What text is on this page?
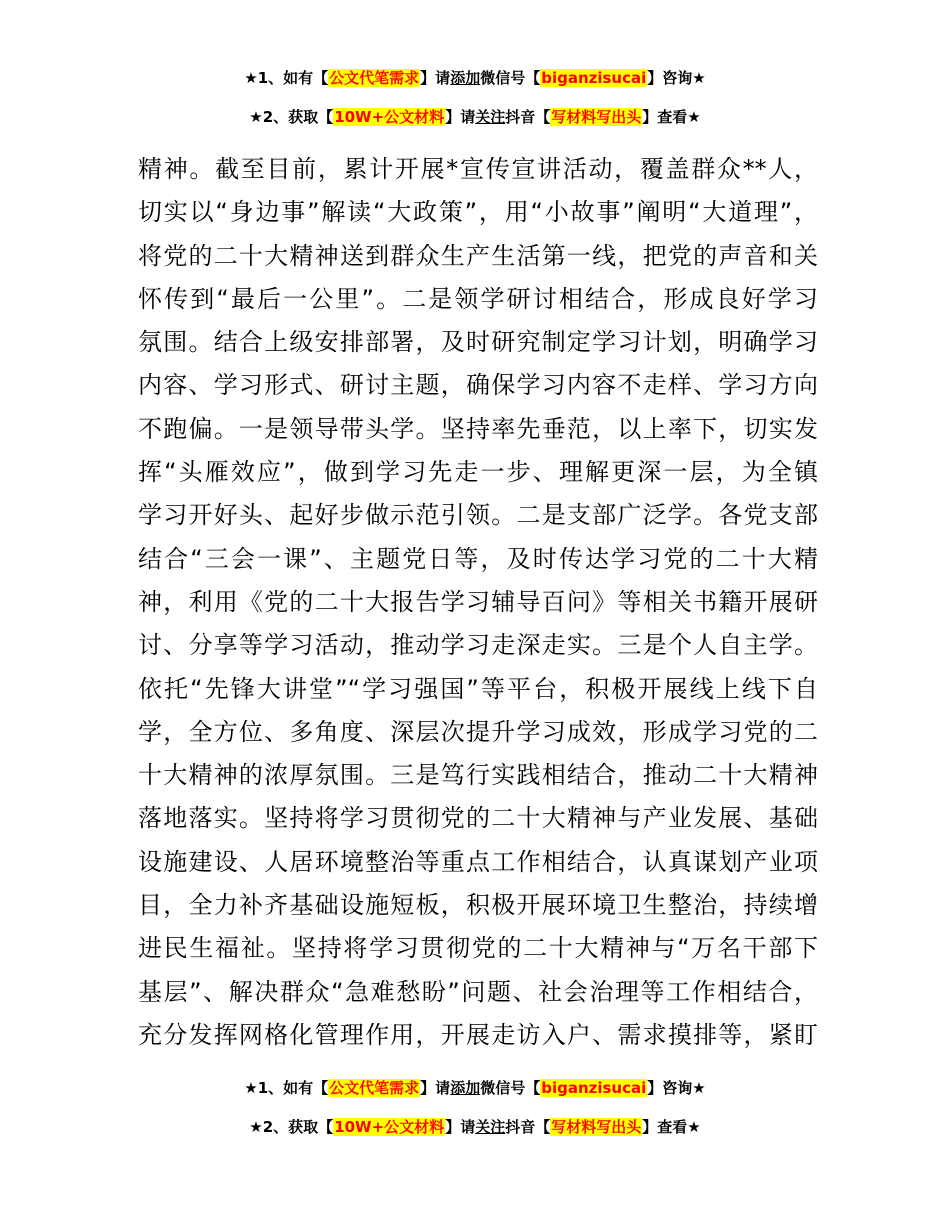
★1、如有【公文代笔需求】请添加微信号【biganzisucai】咨询★
★2、获取【10W+公文材料】请关注抖音【写材料写出头】查看★
精神。截至目前，累计开展*宣传宣讲活动，覆盖群众**人，
切实以“身边事”解读“大政策”，用“小故事”阐明“大道理”，
将党的二十大精神送到群众生产生活第一线，把党的声音和关
怀传到“最后一公里”。二是领学研讨相结合，形成良好学习
氛围。结合上级安排部署，及时研究制定学习计划，明确学习
内容、学习形式、研讨主题，确保学习内容不走样、学习方向
不跑偏。一是领导带头学。坚持率先垂范，以上率下，切实发
挥“头雁效应”，做到学习先走一步、理解更深一层，为全镇
学习开好头、起好步做示范引领。二是支部广泛学。各党支部
结合“三会一课”、主题党日等，及时传达学习党的二十大精
神，利用《党的二十大报告学习辅导百问》等相关书籍开展研
讨、分享等学习活动，推动学习走深走实。三是个人自主学。
依托“先锋大讲堂”“学习强国”等平台，积极开展线上线下自
学，全方位、多角度、深层次提升学习成效，形成学习党的二
十大精神的浓厚氛围。三是笃行实践相结合，推动二十大精神
落地落实。坚持将学习贯彻党的二十大精神与产业发展、基础
设施建设、人居环境整治等重点工作相结合，认真谋划产业项
目，全力补齐基础设施短板，积极开展环境卫生整治，持续增
进民生福祉。坚持将学习贯彻党的二十大精神与“万名干部下
基层”、解决群众“急难愁盼”问题、社会治理等工作相结合，
充分发挥网格化管理作用，开展走访入户、需求摸排等，紧盯
★1、如有【公文代笔需求】请添加微信号【biganzisucai】咨询★
★2、获取【10W+公文材料】请关注抖音【写材料写出头】查看★
